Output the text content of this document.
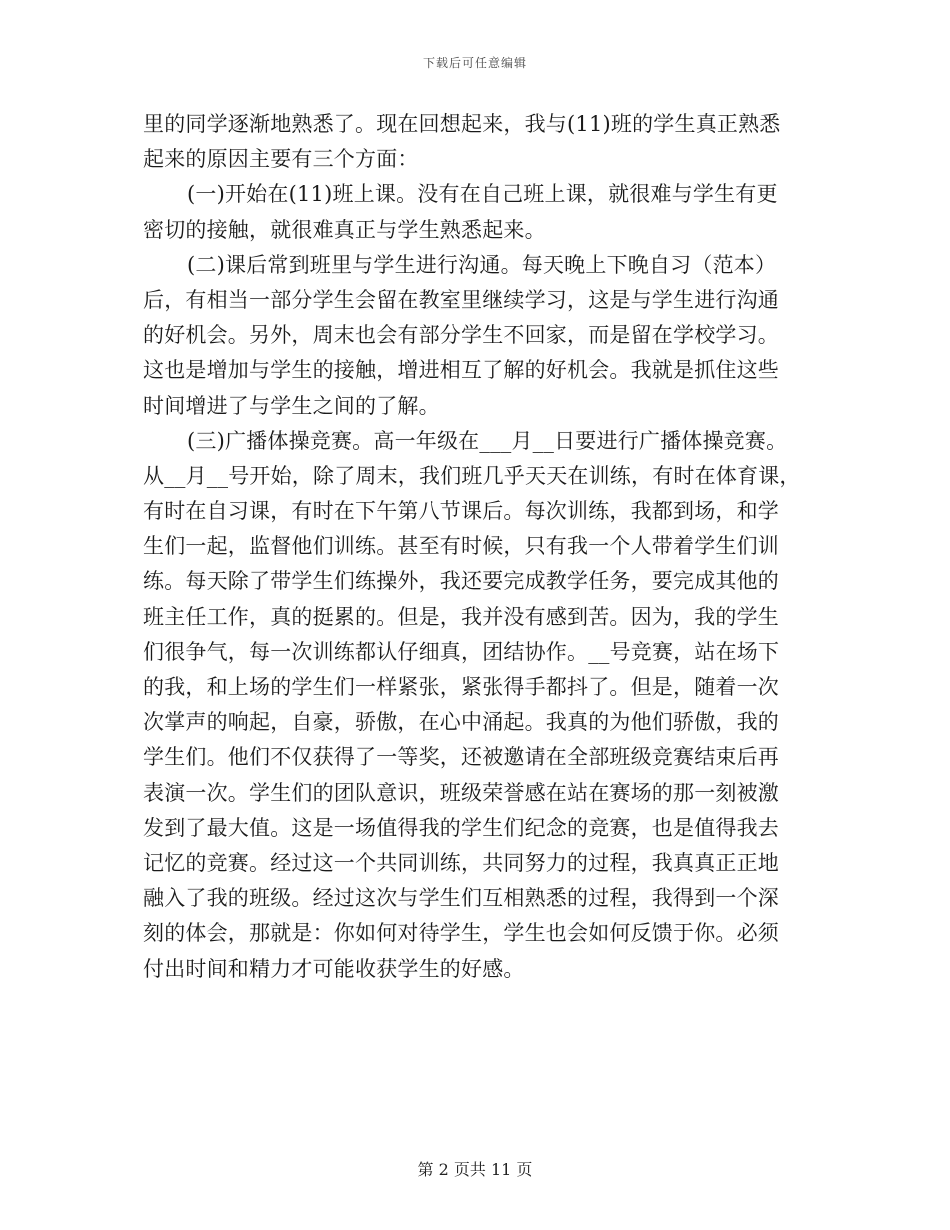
下载后可任意编辑
里的同学逐渐地熟悉了。现在回想起来，我与(11)班的学生真正熟悉
起来的原因主要有三个方面：
(一)开始在(11)班上课。没有在自己班上课，就很难与学生有更
密切的接触，就很难真正与学生熟悉起来。
(二)课后常到班里与学生进行沟通。每天晚上下晚自习（范本）
后，有相当一部分学生会留在教室里继续学习，这是与学生进行沟通
的好机会。另外，周末也会有部分学生不回家，而是留在学校学习。
这也是增加与学生的接触，增进相互了解的好机会。我就是抓住这些
时间增进了与学生之间的了解。
(三)广播体操竞赛。高一年级在___月__日要进行广播体操竞赛。
从__月__号开始，除了周末，我们班几乎天天在训练，有时在体育课，
有时在自习课，有时在下午第八节课后。每次训练，我都到场，和学
生们一起，监督他们训练。甚至有时候，只有我一个人带着学生们训
练。每天除了带学生们练操外，我还要完成教学任务，要完成其他的
班主任工作，真的挺累的。但是，我并没有感到苦。因为，我的学生
们很争气，每一次训练都认仔细真，团结协作。__号竞赛，站在场下
的我，和上场的学生们一样紧张，紧张得手都抖了。但是，随着一次
次掌声的响起，自豪，骄傲，在心中涌起。我真的为他们骄傲，我的
学生们。他们不仅获得了一等奖，还被邀请在全部班级竞赛结束后再
表演一次。学生们的团队意识，班级荣誉感在站在赛场的那一刻被激
发到了最大值。这是一场值得我的学生们纪念的竞赛，也是值得我去
记忆的竞赛。经过这一个共同训练，共同努力的过程，我真真正正地
融入了我的班级。经过这次与学生们互相熟悉的过程，我得到一个深
刻的体会，那就是：你如何对待学生，学生也会如何反馈于你。必须
付出时间和精力才可能收获学生的好感。
第 2 页共 11 页
